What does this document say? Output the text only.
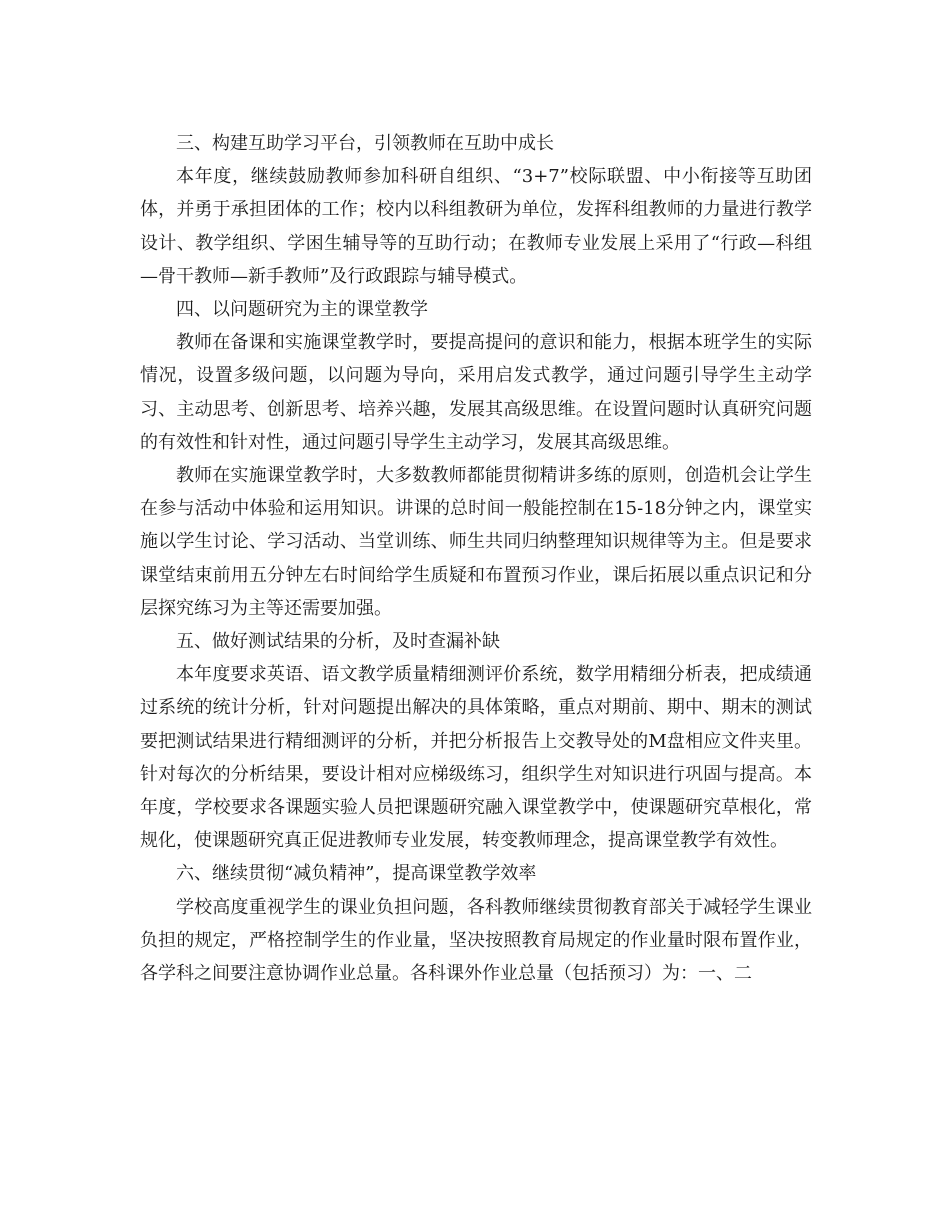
三、构建互助学习平台，引领教师在互助中成长

本年度，继续鼓励教师参加科研自组织、“3+7”校际联盟、中小衔接等互助团体，并勇于承担团体的工作；校内以科组教研为单位，发挥科组教师的力量进行教学设计、教学组织、学困生辅导等的互助行动；在教师专业发展上采用了“行政—科组—骨干教师—新手教师”及行政跟踪与辅导模式。

四、以问题研究为主的课堂教学

教师在备课和实施课堂教学时，要提高提问的意识和能力，根据本班学生的实际情况，设置多级问题，以问题为导向，采用启发式教学，通过问题引导学生主动学习、主动思考、创新思考、培养兴趣，发展其高级思维。在设置问题时认真研究问题的有效性和针对性，通过问题引导学生主动学习，发展其高级思维。

教师在实施课堂教学时，大多数教师都能贯彻精讲多练的原则，创造机会让学生在参与活动中体验和运用知识。讲课的总时间一般能控制在15-18分钟之内，课堂实施以学生讨论、学习活动、当堂训练、师生共同归纳整理知识规律等为主。但是要求课堂结束前用五分钟左右时间给学生质疑和布置预习作业，课后拓展以重点识记和分层探究练习为主等还需要加强。

五、做好测试结果的分析，及时查漏补缺

本年度要求英语、语文教学质量精细测评价系统，数学用精细分析表，把成绩通过系统的统计分析，针对问题提出解决的具体策略，重点对期前、期中、期末的测试要把测试结果进行精细测评的分析，并把分析报告上交教导处的M盘相应文件夹里。针对每次的分析结果，要设计相对应梯级练习，组织学生对知识进行巩固与提高。本年度，学校要求各课题实验人员把课题研究融入课堂教学中，使课题研究草根化，常规化，使课题研究真正促进教师专业发展，转变教师理念，提高课堂教学有效性。

六、继续贯彻“减负精神”，提高课堂教学效率

学校高度重视学生的课业负担问题，各科教师继续贯彻教育部关于减轻学生课业负担的规定，严格控制学生的作业量，坚决按照教育局规定的作业量时限布置作业，各学科之间要注意协调作业总量。各科课外作业总量（包括预习）为：一、二
